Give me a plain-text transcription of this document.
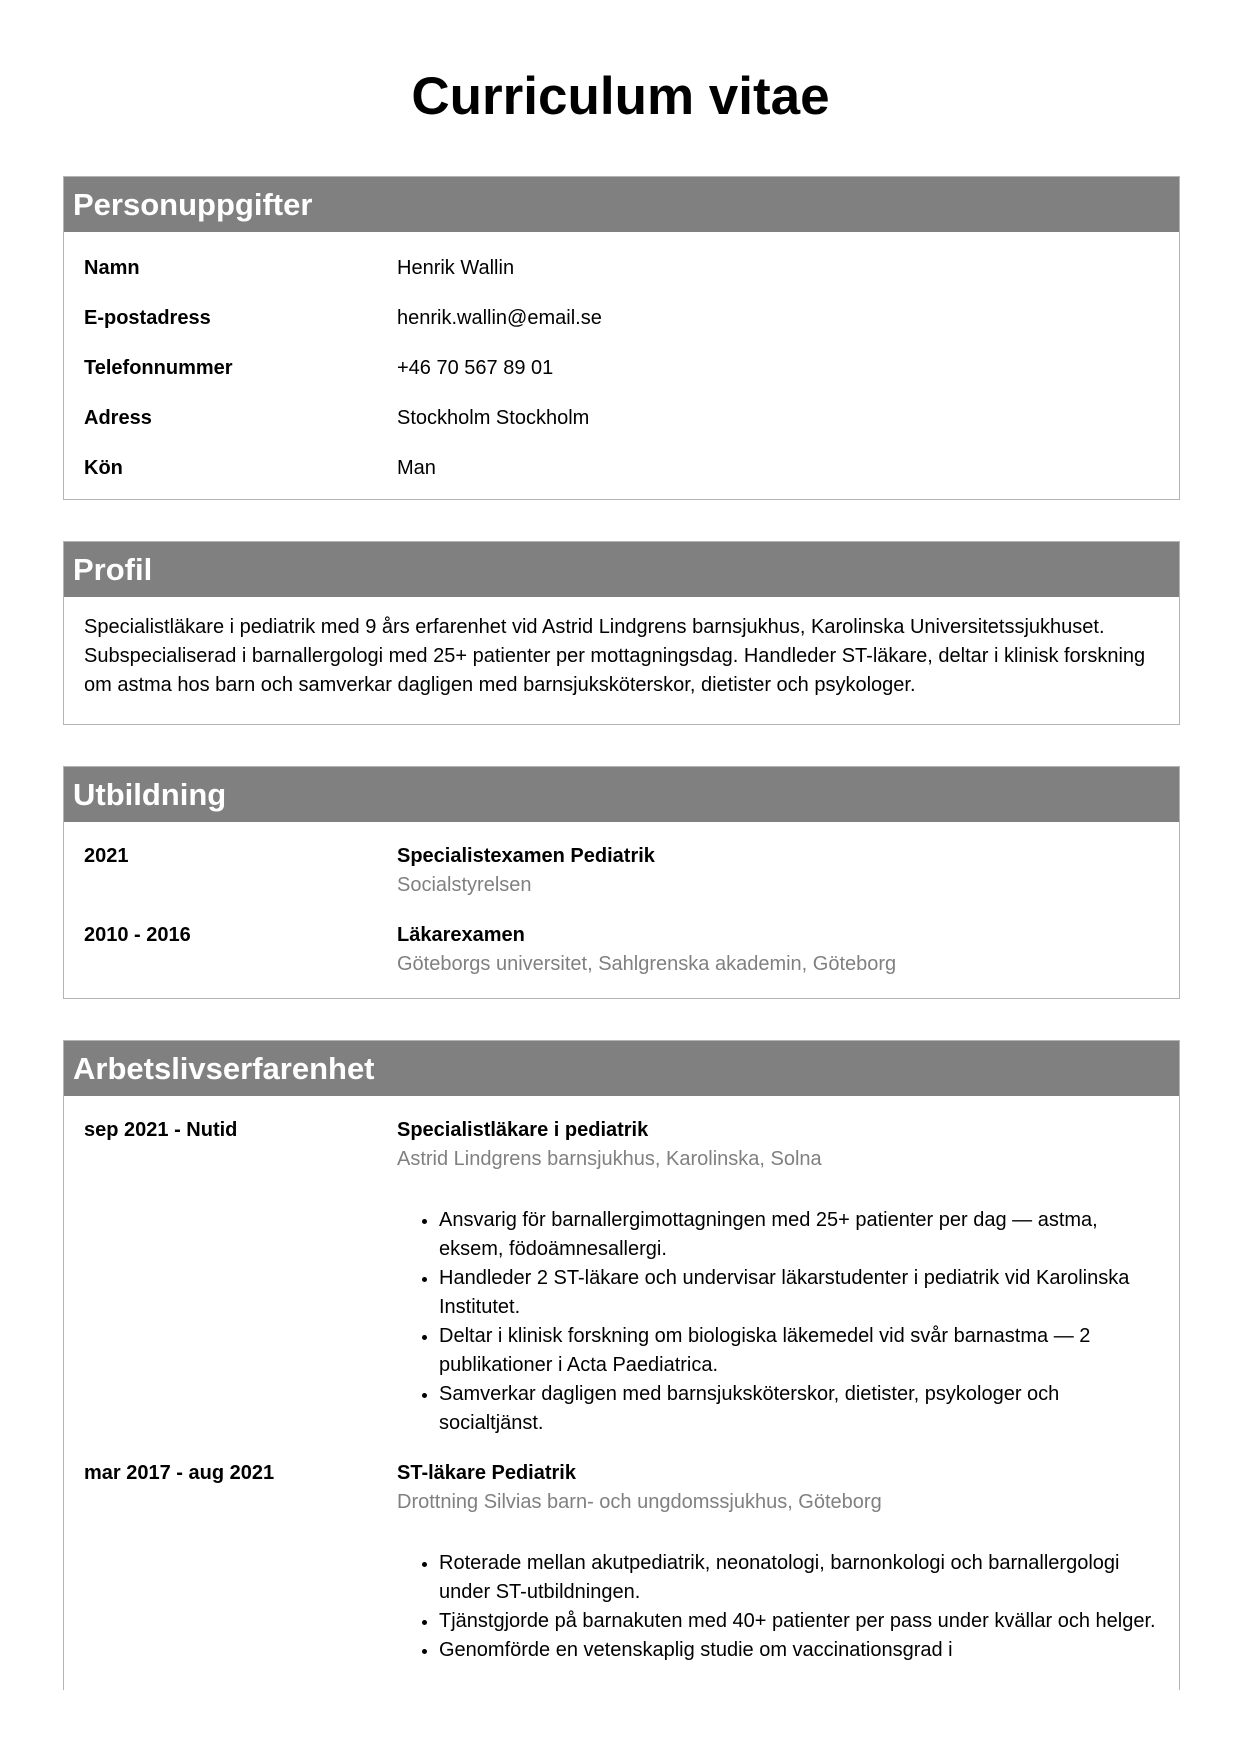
Curriculum vitae
Personuppgifter
Namn	Henrik Wallin
E-postadress	henrik.wallin@email.se
Telefonnummer	+46 70 567 89 01
Adress	Stockholm Stockholm
Kön	Man
Profil
Specialistläkare i pediatrik med 9 års erfarenhet vid Astrid Lindgrens barnsjukhus, Karolinska Universitetssjukhuset. Subspecialiserad i barnallergologi med 25+ patienter per mottagningsdag. Handleder ST-läkare, deltar i klinisk forskning om astma hos barn och samverkar dagligen med barnsjuksköterskor, dietister och psykologer.
Utbildning
2021	Specialistexamen Pediatrik
Socialstyrelsen
2010 - 2016	Läkarexamen
Göteborgs universitet, Sahlgrenska akademin, Göteborg
Arbetslivserfarenhet
sep 2021 - Nutid	Specialistläkare i pediatrik
Astrid Lindgrens barnsjukhus, Karolinska, Solna
• Ansvarig för barnallergimottagningen med 25+ patienter per dag — astma, eksem, födoämnesallergi.
• Handleder 2 ST-läkare och undervisar läkarstudenter i pediatrik vid Karolinska Institutet.
• Deltar i klinisk forskning om biologiska läkemedel vid svår barnastma — 2 publikationer i Acta Paediatrica.
• Samverkar dagligen med barnsjuksköterskor, dietister, psykologer och socialtjänst.
mar 2017 - aug 2021	ST-läkare Pediatrik
Drottning Silvias barn- och ungdomssjukhus, Göteborg
• Roterade mellan akutpediatrik, neonatologi, barnonkologi och barnallergologi under ST-utbildningen.
• Tjänstgjorde på barnakuten med 40+ patienter per pass under kvällar och helger.
• Genomförde en vetenskaplig studie om vaccinationsgrad i
